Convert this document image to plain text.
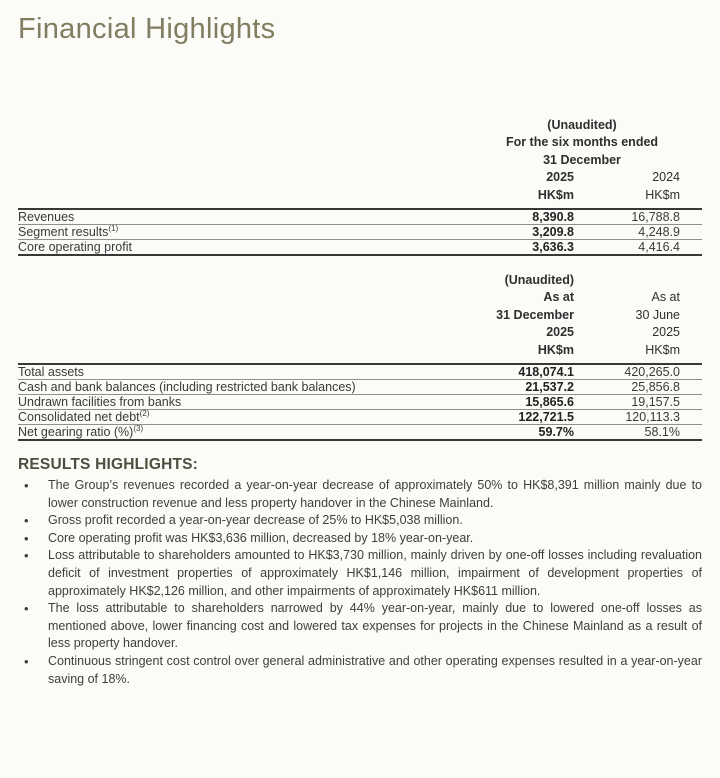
Financial Highlights
	(Unaudited)	
	For the six months ended	
	31 December	
	2025	2024
	HK$m	HK$m
Revenues	8,390.8	16,788.8
Segment results$^{(1)}$	3,209.8	4,248.9
Core operating profit	3,636.3	4,416.4
	(Unaudited)	
	As at	As at
	31 December	30 June
	2025	2025
	HK$m	HK$m
Total assets	418,074.1	420,265.0
Cash and bank balances (including restricted bank balances)	21,537.2	25,856.8
Undrawn facilities from banks	15,865.6	19,157.5
Consolidated net debt$^{(2)}$	122,721.5	120,113.3
Net gearing ratio (%)$^{(3)}$	59.7%	58.1%
RESULTS HIGHLIGHTS:
• The Group’s revenues recorded a year-on-year decrease of approximately 50% to HK$8,391 million mainly due to lower construction revenue and less property handover in the Chinese Mainland.
• Gross profit recorded a year-on-year decrease of 25% to HK$5,038 million.
• Core operating profit was HK$3,636 million, decreased by 18% year-on-year.
• Loss attributable to shareholders amounted to HK$3,730 million, mainly driven by one-off losses including revaluation deficit of investment properties of approximately HK$1,146 million, impairment of development properties of approximately HK$2,126 million, and other impairments of approximately HK$611 million.
• The loss attributable to shareholders narrowed by 44% year-on-year, mainly due to lowered one-off losses as mentioned above, lower financing cost and lowered tax expenses for projects in the Chinese Mainland as a result of less property handover.
• Continuous stringent cost control over general administrative and other operating expenses resulted in a year-on-year saving of 18%.
